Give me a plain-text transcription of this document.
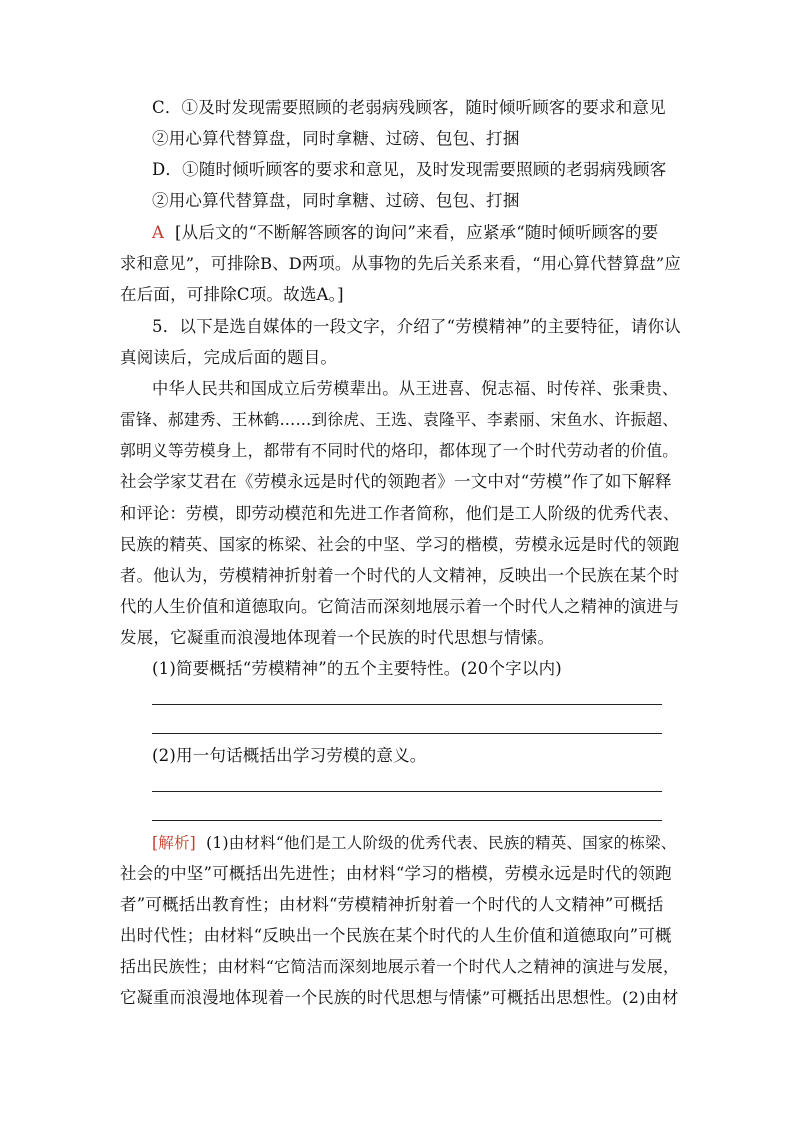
C．①及时发现需要照顾的老弱病残顾客，随时倾听顾客的要求和意见
②用心算代替算盘，同时拿糖、过磅、包包、打捆
D．①随时倾听顾客的要求和意见，及时发现需要照顾的老弱病残顾客
②用心算代替算盘，同时拿糖、过磅、包包、打捆
A [从后文的“不断解答顾客的询问”来看，应紧承“随时倾听顾客的要
求和意见”，可排除B、D两项。从事物的先后关系来看，“用心算代替算盘”应
在后面，可排除C项。故选A。]
5．以下是选自媒体的一段文字，介绍了“劳模精神”的主要特征，请你认
真阅读后，完成后面的题目。
中华人民共和国成立后劳模辈出。从王进喜、倪志福、时传祥、张秉贵、
雷锋、郝建秀、王林鹤……到徐虎、王选、袁隆平、李素丽、宋鱼水、许振超、
郭明义等劳模身上，都带有不同时代的烙印，都体现了一个时代劳动者的价值。
社会学家艾君在《劳模永远是时代的领跑者》一文中对“劳模”作了如下解释
和评论：劳模，即劳动模范和先进工作者简称，他们是工人阶级的优秀代表、
民族的精英、国家的栋梁、社会的中坚、学习的楷模，劳模永远是时代的领跑
者。他认为，劳模精神折射着一个时代的人文精神，反映出一个民族在某个时
代的人生价值和道德取向。它简洁而深刻地展示着一个时代人之精神的演进与
发展，它凝重而浪漫地体现着一个民族的时代思想与情愫。
(1)简要概括“劳模精神”的五个主要特性。(20个字以内)
(2)用一句话概括出学习劳模的意义。
[解析] (1)由材料“他们是工人阶级的优秀代表、民族的精英、国家的栋梁、
社会的中坚”可概括出先进性；由材料“学习的楷模，劳模永远是时代的领跑
者”可概括出教育性；由材料“劳模精神折射着一个时代的人文精神”可概括
出时代性；由材料“反映出一个民族在某个时代的人生价值和道德取向”可概
括出民族性；由材料“它简洁而深刻地展示着一个时代人之精神的演进与发展，
它凝重而浪漫地体现着一个民族的时代思想与情愫”可概括出思想性。(2)由材
